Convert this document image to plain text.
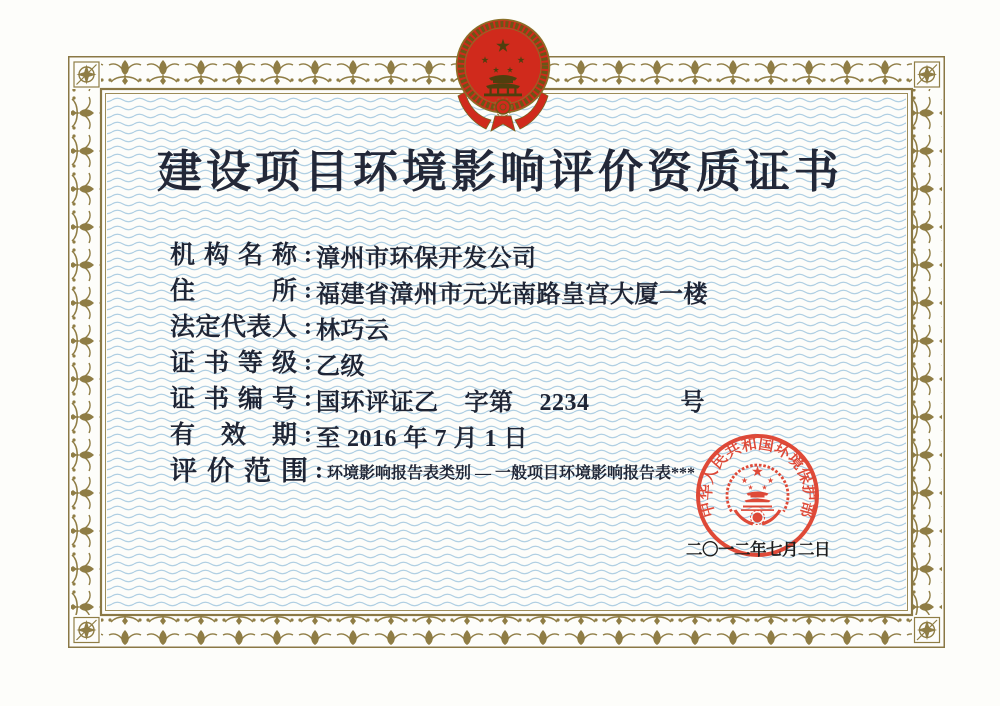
建设项目环境影响评价资质证书
机 构 名 称 : 漳州市环保开发公司
住 所 : 福建省漳州市元光南路皇宫大厦一楼
法定代表人 : 林巧云
证 书 等 级 : 乙级
证 书 编 号 : 国环评证乙    字第    2234              号
有 效 期 : 至 2016 年 7 月 1 日
评 价 范 围 : 环境影响报告表类别 — 一般项目环境影响报告表***
中华人民共和国环境保护部
二〇一二年七月二日
